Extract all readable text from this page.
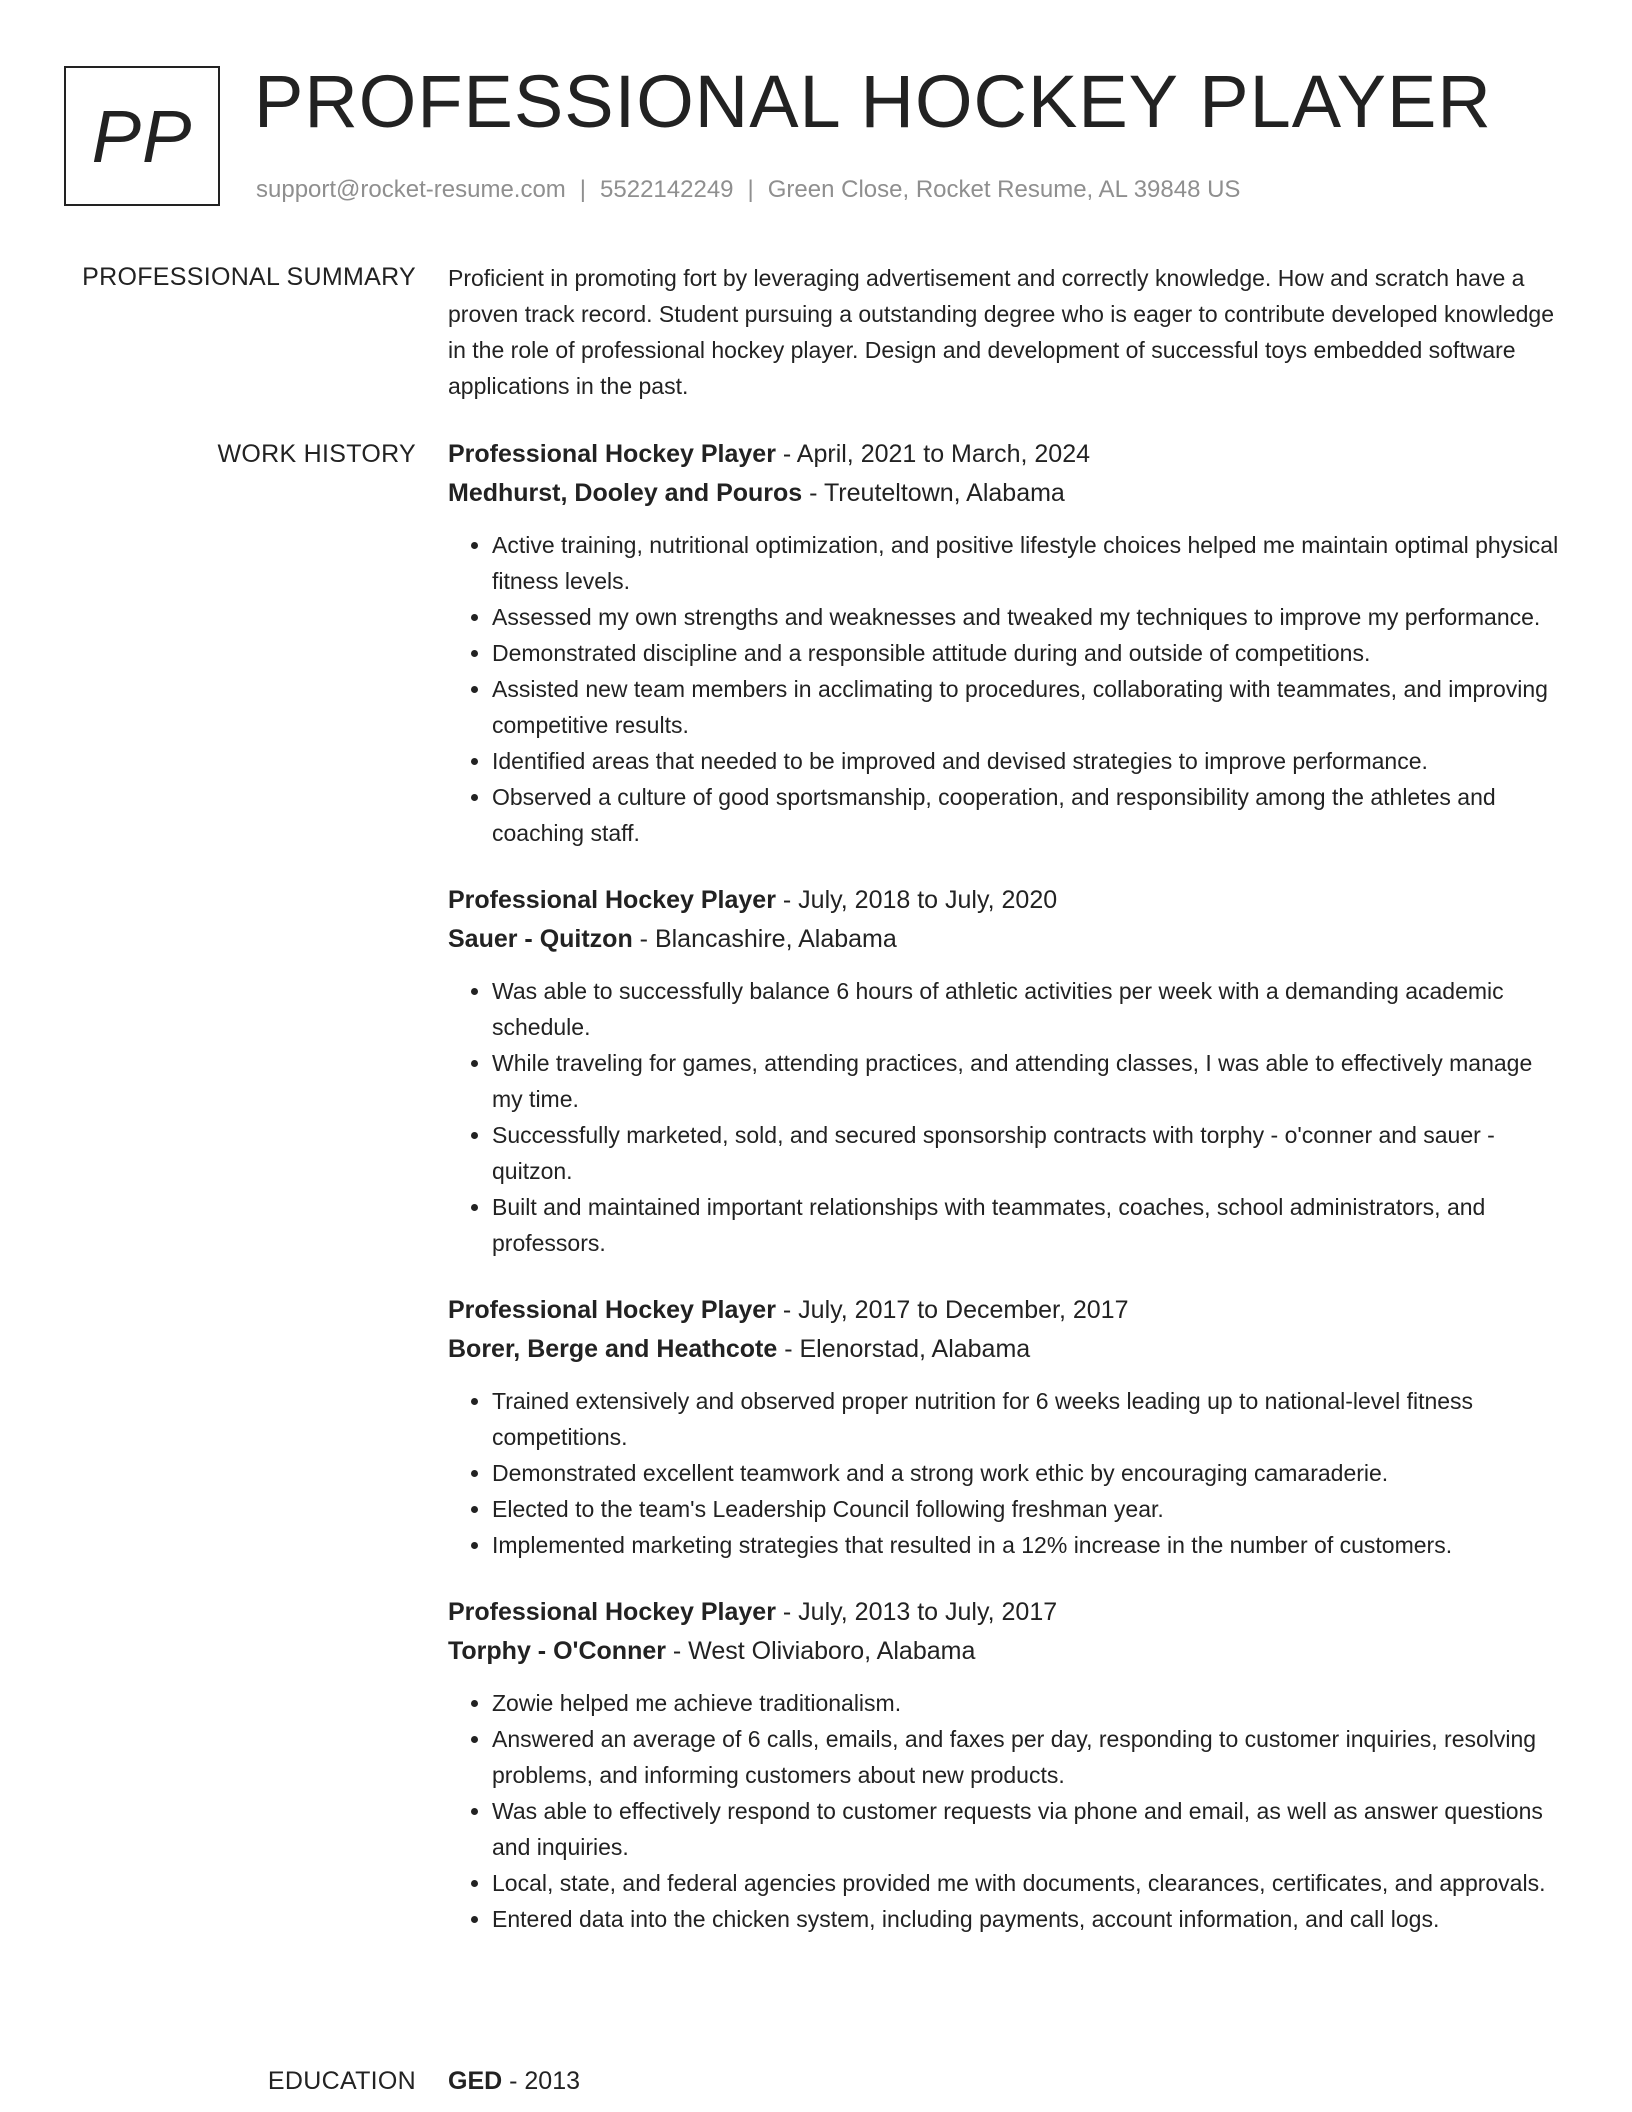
PP PROFESSIONAL HOCKEY PLAYER
support@rocket-resume.com | 5522142249 | Green Close, Rocket Resume, AL 39848 US
PROFESSIONAL SUMMARY Proficient in promoting fort by leveraging advertisement and correctly knowledge. How and scratch have a proven track record. Student pursuing a outstanding degree who is eager to contribute developed knowledge in the role of professional hockey player. Design and development of successful toys embedded software applications in the past.

WORK HISTORY Professional Hockey Player - April, 2021 to March, 2024
Medhurst, Dooley and Pouros - Treuteltown, Alabama
• Active training, nutritional optimization, and positive lifestyle choices helped me maintain optimal physical fitness levels.
• Assessed my own strengths and weaknesses and tweaked my techniques to improve my performance.
• Demonstrated discipline and a responsible attitude during and outside of competitions.
• Assisted new team members in acclimating to procedures, collaborating with teammates, and improving competitive results.
• Identified areas that needed to be improved and devised strategies to improve performance.
• Observed a culture of good sportsmanship, cooperation, and responsibility among the athletes and coaching staff.
Professional Hockey Player - July, 2018 to July, 2020
Sauer - Quitzon - Blancashire, Alabama
• Was able to successfully balance 6 hours of athletic activities per week with a demanding academic schedule.
• While traveling for games, attending practices, and attending classes, I was able to effectively manage my time.
• Successfully marketed, sold, and secured sponsorship contracts with torphy - o'conner and sauer - quitzon.
• Built and maintained important relationships with teammates, coaches, school administrators, and professors.
Professional Hockey Player - July, 2017 to December, 2017
Borer, Berge and Heathcote - Elenorstad, Alabama
• Trained extensively and observed proper nutrition for 6 weeks leading up to national-level fitness competitions.
• Demonstrated excellent teamwork and a strong work ethic by encouraging camaraderie.
• Elected to the team's Leadership Council following freshman year.
• Implemented marketing strategies that resulted in a 12% increase in the number of customers.
Professional Hockey Player - July, 2013 to July, 2017
Torphy - O'Conner - West Oliviaboro, Alabama
• Zowie helped me achieve traditionalism.
• Answered an average of 6 calls, emails, and faxes per day, responding to customer inquiries, resolving problems, and informing customers about new products.
• Was able to effectively respond to customer requests via phone and email, as well as answer questions and inquiries.
• Local, state, and federal agencies provided me with documents, clearances, certificates, and approvals.
• Entered data into the chicken system, including payments, account information, and call logs.
EDUCATION GED - 2013
